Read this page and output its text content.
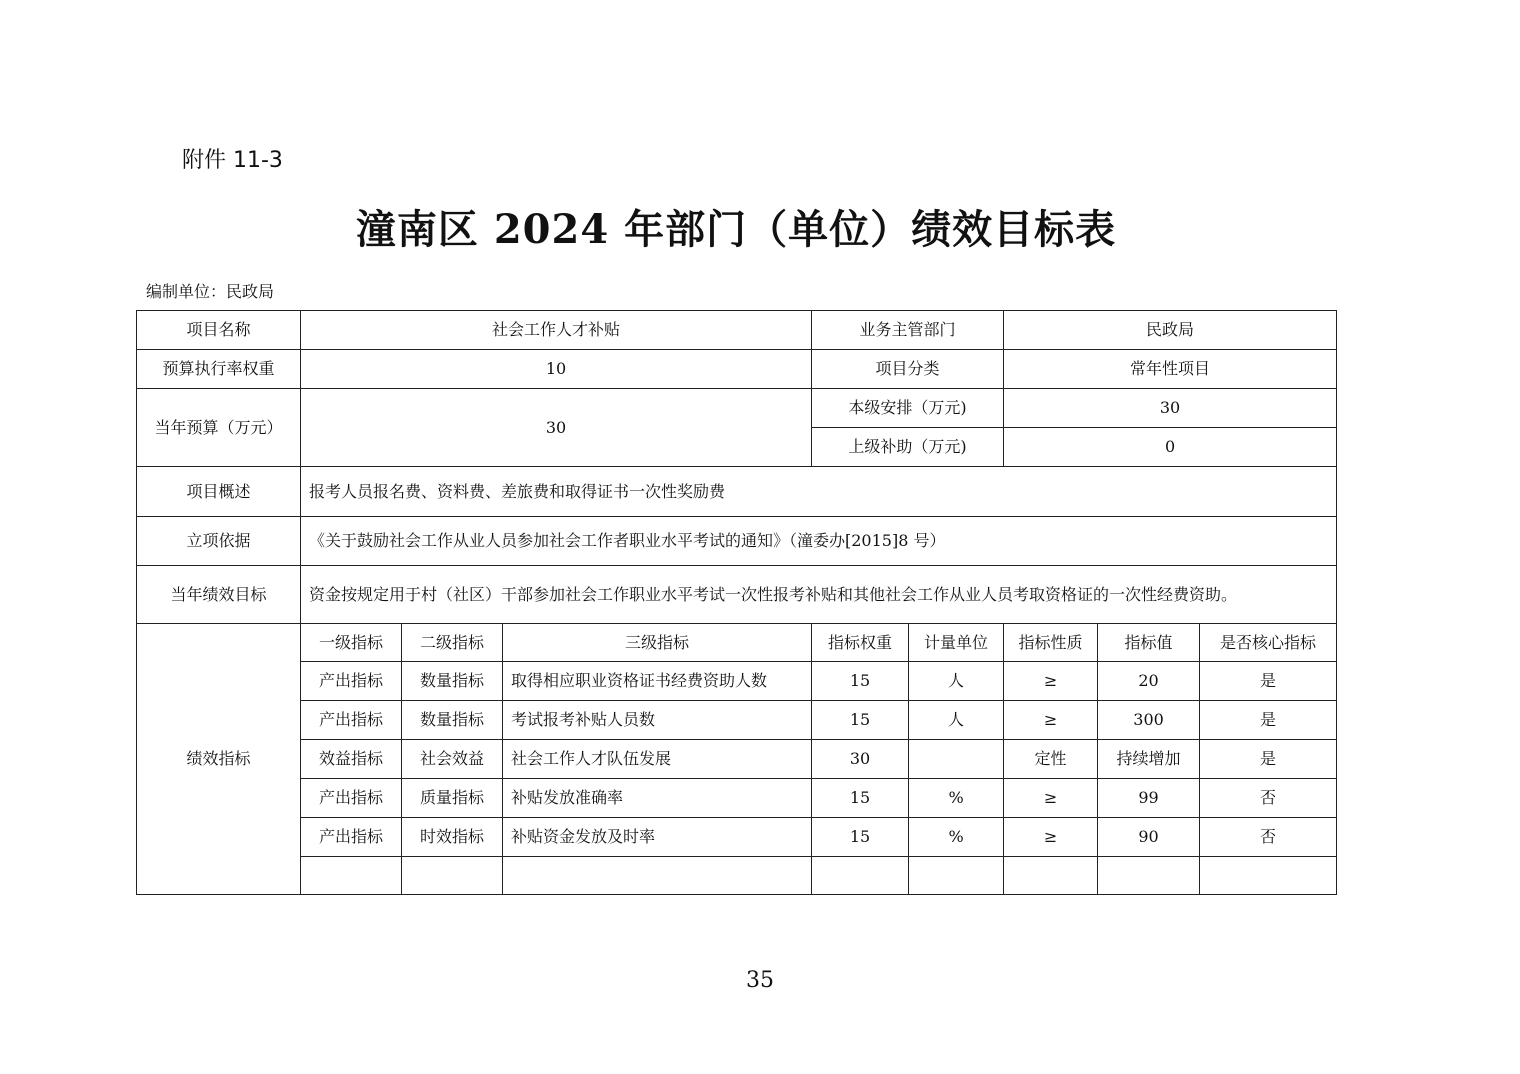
附件 11-3
潼南区 2024 年部门（单位）绩效目标表
编制单位：民政局
项目名称	社会工作人才补贴			业务主管部门		民政局		
预算执行率权重	10			项目分类		常年性项目		
当年预算（万元）	30			本级安排（万元)		30		
				上级补助（万元)		0		
项目概述	报考人员报名费、资料费、差旅费和取得证书一次性奖励费							
立项依据	《关于鼓励社会工作从业人员参加社会工作者职业水平考试的通知》（潼委办[2015]8 号）							
当年绩效目标	资金按规定用于村（社区）干部参加社会工作职业水平考试一次性报考补贴和其他社会工作从业人员考取资格证的一次性经费资助。							
绩效指标	一级指标	二级指标	三级指标	指标权重	计量单位	指标性质	指标值	是否核心指标
	产出指标	数量指标	取得相应职业资格证书经费资助人数	15	人	≥	20	是
	产出指标	数量指标	考试报考补贴人员数	15	人	≥	300	是
	效益指标	社会效益	社会工作人才队伍发展	30		定性	持续增加	是
	产出指标	质量指标	补贴发放准确率	15	%	≥	99	否
	产出指标	时效指标	补贴资金发放及时率	15	%	≥	90	否

35
